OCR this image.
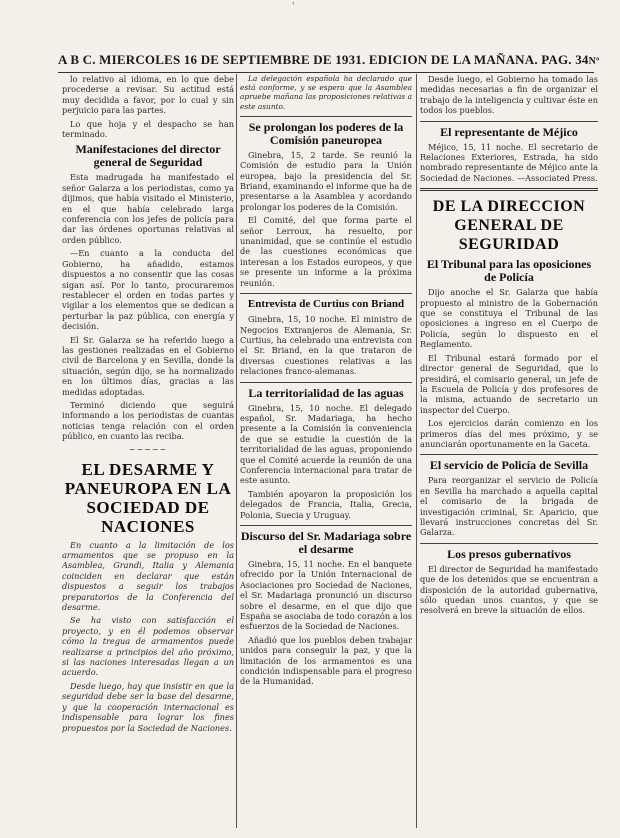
'
A B C. MIERCOLES 16 DE SEPTIEMBRE DE 1931. EDICION DE LA MAÑANA. PAG. 34 Nº

lo relativo al idioma, en lo que debe procederse a revisar. Su actitud está muy decidida a favor, por lo cual y sin perjuicio para las partes.

Lo que hoja y el despacho se han terminado.

Manifestaciones del director general de Seguridad

Esta madrugada ha manifestado el señor Galarza a los periodistas, como ya dijimos, que había visitado el Ministerio, en el que había celebrado larga conferencia con los jefes de policía para dar las órdenes oportunas relativas al orden público.

—En cuanto a la conducta del Gobierno, ha añadido, estamos dispuestos a no consentir que las cosas sigan así. Por lo tanto, procuraremos restablecer el orden en todas partes y vigilar a los elementos que se dedican a perturbar la paz pública, con energía y decisión.

El Sr. Galarza se ha referido luego a las gestiones realizadas en el Gobierno civil de Barcelona y en Sevilla, donde la situación, según dijo, se ha normalizado en los últimos días, gracias a las medidas adoptadas.

Terminó diciendo que seguirá informando a los periodistas de cuantas noticias tenga relación con el orden público, en cuanto las reciba.

~~~~~
EL DESARME Y PANEUROPA EN LA SOCIEDAD DE NACIONES

En cuanto a la limitación de los armamentos que se propuso en la Asamblea, Grandi, Italia y Alemania coinciden en declarar que están dispuestos a seguir los trabajos preparatorios de la Conferencia del desarme.

Se ha visto con satisfacción el proyecto, y en él podemos observar cómo la tregua de armamentos puede realizarse a principios del año próximo, si las naciones interesadas llegan a un acuerdo.

Desde luego, hay que insistir en que la seguridad debe ser la base del desarme, y que la cooperación internacional es indispensable para lograr los fines propuestos por la Sociedad de Naciones.

La delegación española ha declarado que está conforme, y se espera que la Asamblea apruebe mañana las proposiciones relativas a este asunto.

Se prolongan los poderes de la Comisión paneuropea

Ginebra, 15, 2 tarde. Se reunió la Comisión de estudio para la Unión europea, bajo la presidencia del Sr. Briand, examinando el informe que ha de presentarse a la Asamblea y acordando prolongar los poderes de la Comisión.

El Comité, del que forma parte el señor Lerroux, ha resuelto, por unanimidad, que se continúe el estudio de las cuestiones económicas que interesan a los Estados europeos, y que se presente un informe a la próxima reunión.

Entrevista de Curtius con Briand

Ginebra, 15, 10 noche. El ministro de Negocios Extranjeros de Alemania, Sr. Curtius, ha celebrado una entrevista con el Sr. Briand, en la que trataron de diversas cuestiones relativas a las relaciones franco-alemanas.

La territorialidad de las aguas

Ginebra, 15, 10 noche. El delegado español, Sr. Madariaga, ha hecho presente a la Comisión la conveniencia de que se estudie la cuestión de la territorialidad de las aguas, proponiendo que el Comité acuerde la reunión de una Conferencia internacional para tratar de este asunto.

También apoyaron la proposición los delegados de Francia, Italia, Grecia, Polonia, Suecia y Uruguay.

Discurso del Sr. Madariaga sobre el desarme

Ginebra, 15, 11 noche. En el banquete ofrecido por la Unión Internacional de Asociaciones pro Sociedad de Naciones, el Sr. Madariaga pronunció un discurso sobre el desarme, en el que dijo que España se asociaba de todo corazón a los esfuerzos de la Sociedad de Naciones.

Añadió que los pueblos deben trabajar unidos para conseguir la paz, y que la limitación de los armamentos es una condición indispensable para el progreso de la Humanidad.

Desde luego, el Gobierno ha tomado las medidas necesarias a fin de organizar el trabajo de la inteligencia y cultivar éste en todos los pueblos.

El representante de Méjico

Méjico, 15, 11 noche. El secretario de Relaciones Exteriores, Estrada, ha sido nombrado representante de Méjico ante la Sociedad de Naciones. —Associated Press.

DE LA DIRECCION GENERAL DE SEGURIDAD
El Tribunal para las oposiciones de Policía

Dijo anoche el Sr. Galarza que había propuesto al ministro de la Gobernación que se constituya el Tribunal de las oposiciones a ingreso en el Cuerpo de Policía, según lo dispuesto en el Reglamento.

El Tribunal estará formado por el director general de Seguridad, que lo presidirá, el comisario general, un jefe de la Escuela de Policía y dos profesores de la misma, actuando de secretario un inspector del Cuerpo.

Los ejercicios darán comienzo en los primeros días del mes próximo, y se anunciarán oportunamente en la Gaceta.

El servicio de Policía de Sevilla

Para reorganizar el servicio de Policía en Sevilla ha marchado a aquella capital el comisario de la brigada de investigación criminal, Sr. Aparicio, que llevará instrucciones concretas del Sr. Galarza.

Los presos gubernativos

El director de Seguridad ha manifestado que de los detenidos que se encuentran a disposición de la autoridad gubernativa, sólo quedan unos cuantos, y que se resolverá en breve la situación de ellos.
